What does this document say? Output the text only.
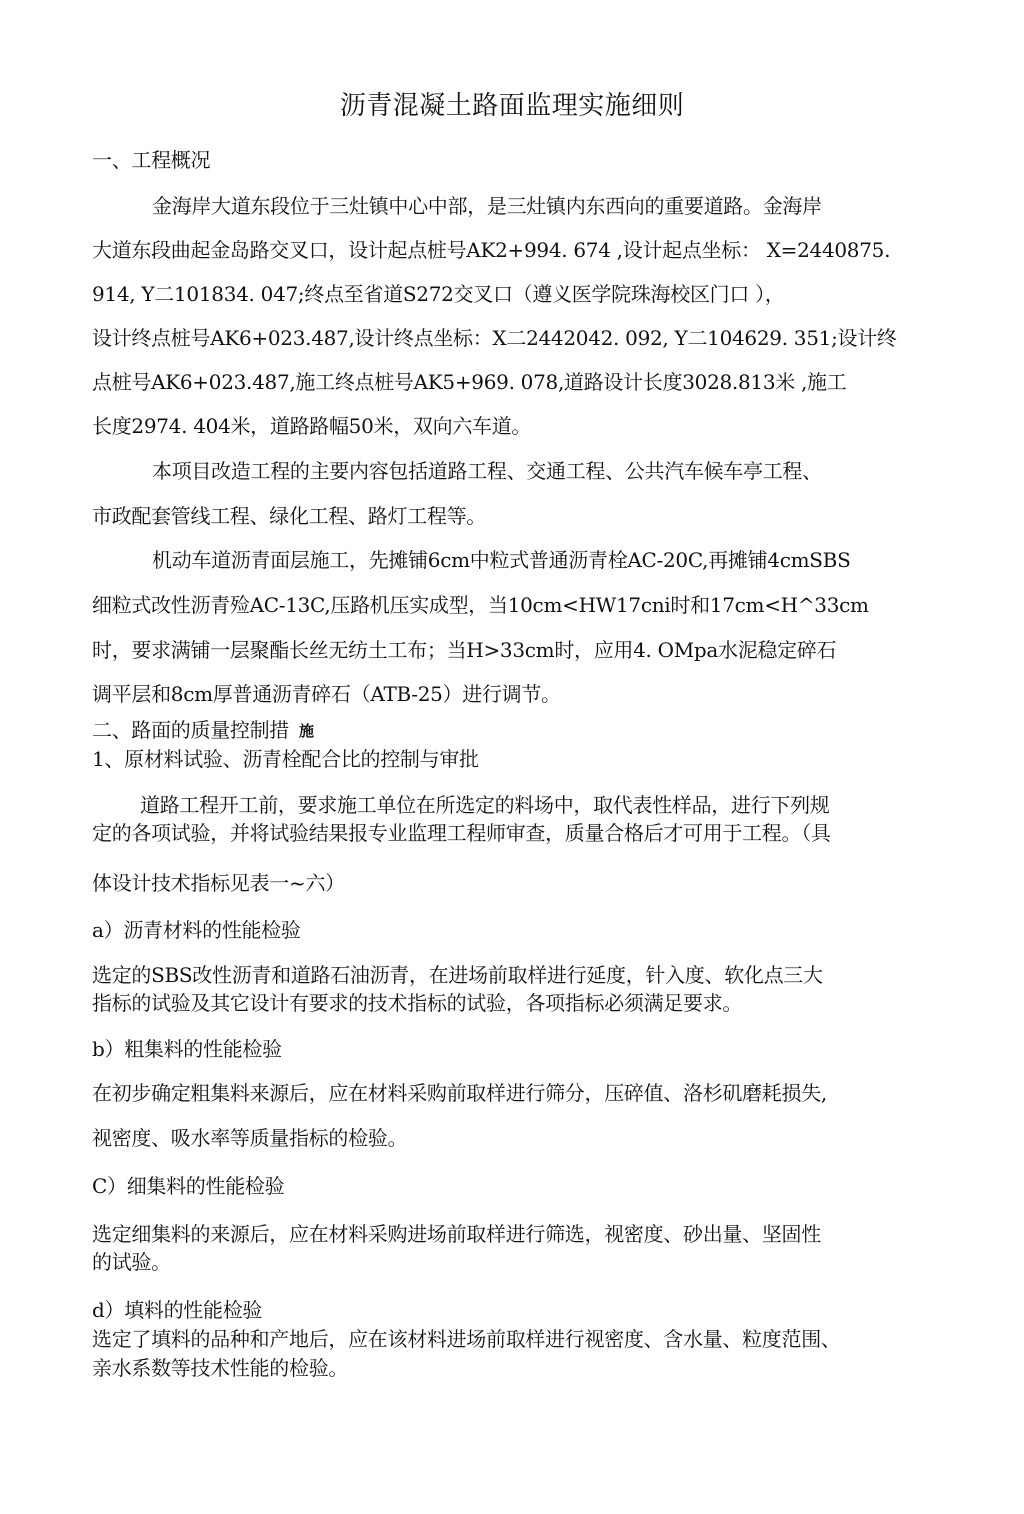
沥青混凝土路面监理实施细则
一、工程概况
金海岸大道东段位于三灶镇中心中部，是三灶镇内东西向的重要道路。金海岸
大道东段曲起金岛路交叉口，设计起点桩号AK2+994. 674 ,设计起点坐标： X=2440875.
914, Y二101834. 047;终点至省道S272交叉口（遵义医学院珠海校区门口 ），
设计终点桩号AK6+023.487,设计终点坐标：X二2442042. 092, Y二104629. 351;设计终
点桩号AK6+023.487,施工终点桩号AK5+969. 078,道路设计长度3028.813米 ,施工
长度2974. 404米，道路路幅50米，双向六车道。
本项目改造工程的主要内容包括道路工程、交通工程、公共汽车候车亭工程、
市政配套管线工程、绿化工程、路灯工程等。
机动车道沥青面层施工，先摊铺6cm中粒式普通沥青栓AC-20C,再摊铺4cmSBS
细粒式改性沥青殓AC-13C,压路机压实成型，当10cm<HW17cni时和17cm<H^33cm
时，要求满铺一层聚酯长丝无纺土工布；当H>33cm时，应用4. OMpa水泥稳定碎石
调平层和8cm厚普通沥青碎石（ATB-25）进行调节。
二、路面的质量控制措 施
1、原材料试验、沥青栓配合比的控制与审批
道路工程开工前，要求施工单位在所选定的料场中，取代表性样品，进行下列规
定的各项试验，并将试验结果报专业监理工程师审查，质量合格后才可用于工程。（具
体设计技术指标见表一~六）
a）沥青材料的性能检验
选定的SBS改性沥青和道路石油沥青，在进场前取样进行延度，针入度、软化点三大
指标的试验及其它设计有要求的技术指标的试验，各项指标必须满足要求。
b）粗集料的性能检验
在初步确定粗集料来源后，应在材料采购前取样进行筛分，压碎值、洛杉矶磨耗损失,
视密度、吸水率等质量指标的检验。
C）细集料的性能检验
选定细集料的来源后，应在材料采购进场前取样进行筛选，视密度、砂出量、坚固性
的试验。
d）填料的性能检验
选定了填料的品种和产地后，应在该材料进场前取样进行视密度、含水量、粒度范围、
亲水系数等技术性能的检验。
